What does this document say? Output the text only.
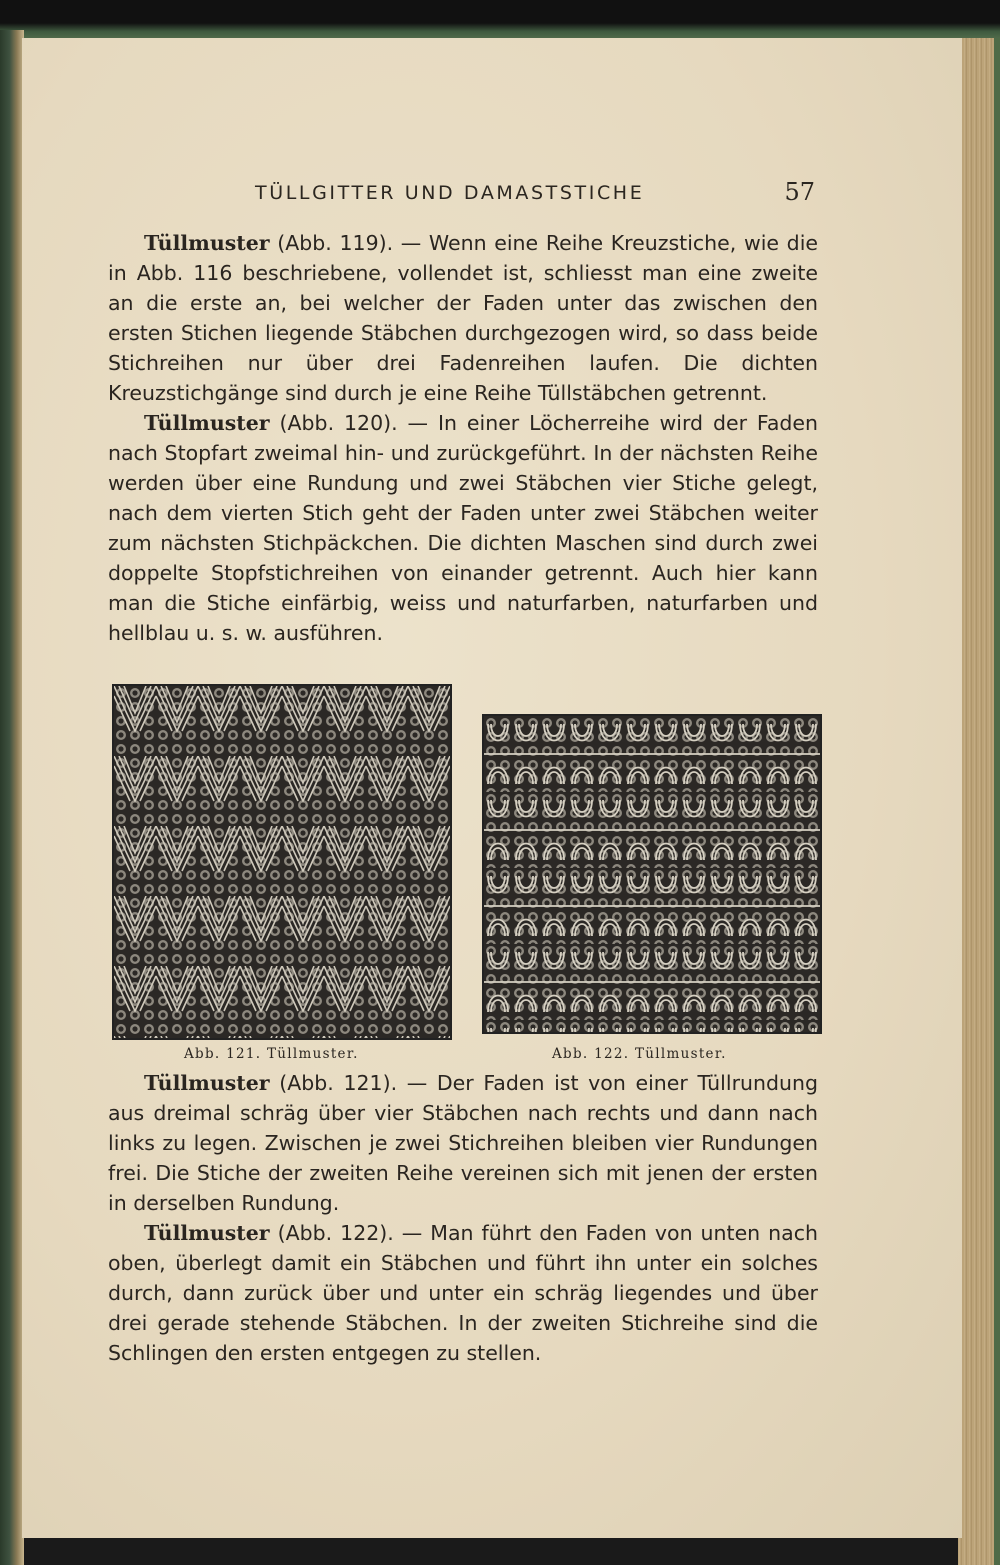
TÜLLGITTER UND DAMASTSTICHE	57

Tüllmuster (Abb. 119). — Wenn eine Reihe Kreuzstiche, wie die in Abb. 116 beschriebene, vollendet ist, schliesst man eine zweite an die erste an, bei welcher der Faden unter das zwischen den ersten Stichen liegende Stäbchen durchgezogen wird, so dass beide Stichreihen nur über drei Fadenreihen laufen. Die dichten Kreuzstichgänge sind durch je eine Reihe Tüllstäbchen getrennt.

Tüllmuster (Abb. 120). — In einer Löcherreihe wird der Faden nach Stopfart zweimal hin- und zurückgeführt. In der nächsten Reihe werden über eine Rundung und zwei Stäbchen vier Stiche gelegt, nach dem vierten Stich geht der Faden unter zwei Stäbchen weiter zum nächsten Stichpäckchen. Die dichten Maschen sind durch zwei doppelte Stopfstichreihen von einander getrennt. Auch hier kann man die Stiche einfärbig, weiss und naturfarben, naturfarben und hellblau u. s. w. ausführen.

Abb. 121. Tüllmuster.	Abb. 122. Tüllmuster.

Tüllmuster (Abb. 121). — Der Faden ist von einer Tüllrundung aus dreimal schräg über vier Stäbchen nach rechts und dann nach links zu legen. Zwischen je zwei Stichreihen bleiben vier Rundungen frei. Die Stiche der zweiten Reihe vereinen sich mit jenen der ersten in derselben Rundung.

Tüllmuster (Abb. 122). — Man führt den Faden von unten nach oben, überlegt damit ein Stäbchen und führt ihn unter ein solches durch, dann zurück über und unter ein schräg liegendes und über drei gerade stehende Stäbchen. In der zweiten Stichreihe sind die Schlingen den ersten entgegen zu stellen.
